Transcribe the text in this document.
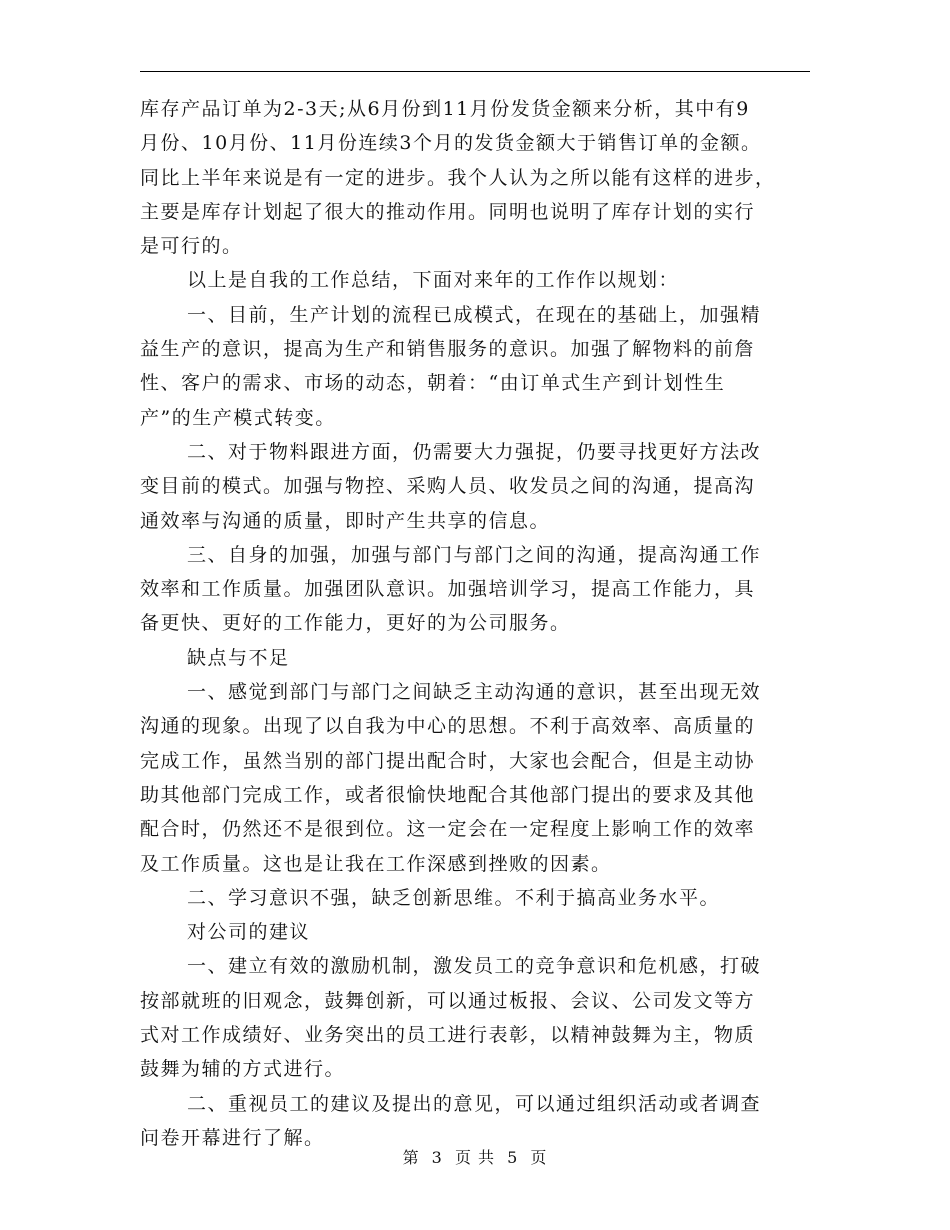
库存产品订单为2-3天;从6月份到11月份发货金额来分析，其中有9
月份、10月份、11月份连续3个月的发货金额大于销售订单的金额。
同比上半年来说是有一定的进步。我个人认为之所以能有这样的进步，
主要是库存计划起了很大的推动作用。同明也说明了库存计划的实行
是可行的。
以上是自我的工作总结，下面对来年的工作作以规划：
一、目前，生产计划的流程已成模式，在现在的基础上，加强精
益生产的意识，提高为生产和销售服务的意识。加强了解物料的前詹
性、客户的需求、市场的动态，朝着：“由订单式生产到计划性生
产”的生产模式转变。
二、对于物料跟进方面，仍需要大力强捉，仍要寻找更好方法改
变目前的模式。加强与物控、采购人员、收发员之间的沟通，提高沟
通效率与沟通的质量，即时产生共享的信息。
三、自身的加强，加强与部门与部门之间的沟通，提高沟通工作
效率和工作质量。加强团队意识。加强培训学习，提高工作能力，具
备更快、更好的工作能力，更好的为公司服务。
缺点与不足
一、感觉到部门与部门之间缺乏主动沟通的意识，甚至出现无效
沟通的现象。出现了以自我为中心的思想。不利于高效率、高质量的
完成工作，虽然当别的部门提出配合时，大家也会配合，但是主动协
助其他部门完成工作，或者很愉快地配合其他部门提出的要求及其他
配合时，仍然还不是很到位。这一定会在一定程度上影响工作的效率
及工作质量。这也是让我在工作深感到挫败的因素。
二、学习意识不强，缺乏创新思维。不利于搞高业务水平。
对公司的建议
一、建立有效的激励机制，激发员工的竞争意识和危机感，打破
按部就班的旧观念，鼓舞创新，可以通过板报、会议、公司发文等方
式对工作成绩好、业务突出的员工进行表彰，以精神鼓舞为主，物质
鼓舞为辅的方式进行。
二、重视员工的建议及提出的意见，可以通过组织活动或者调查
问卷开幕进行了解。
第 3 页 共 5 页
